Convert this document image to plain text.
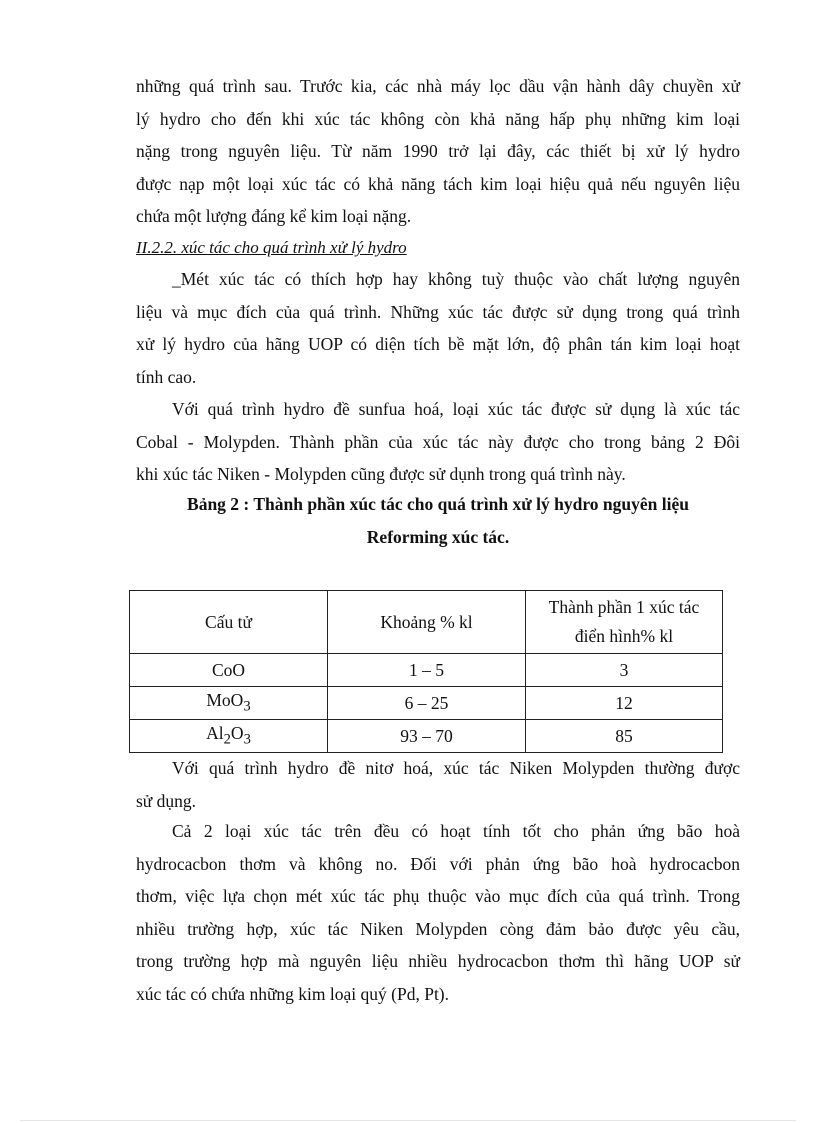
những quá trình sau. Trước kia, các nhà máy lọc dầu vận hành dây chuyền xử
lý hydro cho đến khi xúc tác không còn khả năng hấp phụ những kim loại
nặng trong nguyên liệu. Từ năm 1990 trở lại đây, các thiết bị xử lý hydro
được nạp một loại xúc tác có khả năng tách kim loại hiệu quả nếu nguyên liệu
chứa một lượng đáng kể kim loại nặng.

II.2.2. xúc tác cho quá trình xử lý hydro

_Mét xúc tác có thích hợp hay không tuỳ thuộc vào chất lượng nguyên
liệu và mục đích của quá trình. Những xúc tác được sử dụng trong quá trình
xử lý hydro của hãng UOP có diện tích bề mặt lớn, độ phân tán kim loại hoạt
tính cao.
Với quá trình hydro đề sunfua hoá, loại xúc tác được sử dụng là xúc tác
Cobal - Molypden. Thành phần của xúc tác này được cho trong bảng 2 Đôi
khi xúc tác Niken - Molypden cũng được sử dụnh trong quá trình này.

Bảng 2 : Thành phần xúc tác cho quá trình xử lý hydro nguyên liệu

Reforming xúc tác.

Cấu tử	Khoảng % kl	Thành phần 1 xúc tác
điển hình% kl
CoO	1 – 5	3
MoO$_3$	6 – 25	12
$Al_2O_3$	93 – 70	85
Với quá trình hydro đề nitơ hoá, xúc tác Niken Molypden thường được
sử dụng.
Cả 2 loại xúc tác trên đều có hoạt tính tốt cho phản ứng bão hoà
hydrocacbon thơm và không no. Đối với phản ứng bão hoà hydrocacbon
thơm, việc lựa chọn mét xúc tác phụ thuộc vào mục đích của quá trình. Trong
nhiều trường hợp, xúc tác Niken Molypden còng đảm bảo được yêu cầu,
trong trường hợp mà nguyên liệu nhiều hydrocacbon thơm thì hãng UOP sử
xúc tác có chứa những kim loại quý (Pd, Pt).
